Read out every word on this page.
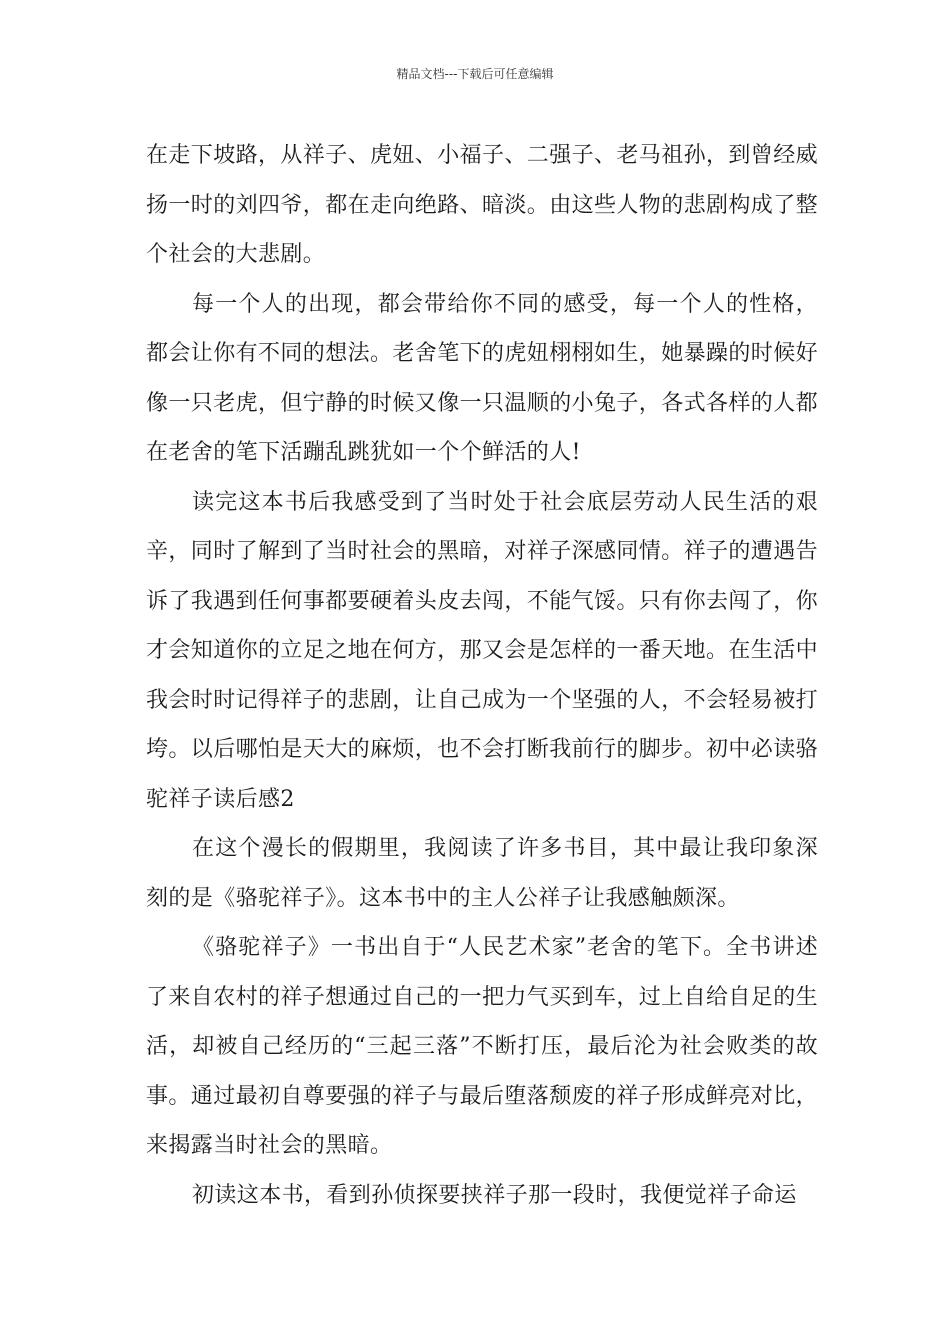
精品文档---下载后可任意编辑

在走下坡路，从祥子、虎妞、小福子、二强子、老马祖孙，到曾经威扬一时的刘四爷，都在走向绝路、暗淡。由这些人物的悲剧构成了整个社会的大悲剧。

每一个人的出现，都会带给你不同的感受，每一个人的性格，都会让你有不同的想法。老舍笔下的虎妞栩栩如生，她暴躁的时候好像一只老虎，但宁静的时候又像一只温顺的小兔子，各式各样的人都在老舍的笔下活蹦乱跳犹如一个个鲜活的人!

读完这本书后我感受到了当时处于社会底层劳动人民生活的艰辛，同时了解到了当时社会的黑暗，对祥子深感同情。祥子的遭遇告诉了我遇到任何事都要硬着头皮去闯，不能气馁。只有你去闯了，你才会知道你的立足之地在何方，那又会是怎样的一番天地。在生活中我会时时记得祥子的悲剧，让自己成为一个坚强的人，不会轻易被打垮。以后哪怕是天大的麻烦，也不会打断我前行的脚步。初中必读骆驼祥子读后感2

在这个漫长的假期里，我阅读了许多书目，其中最让我印象深刻的是《骆驼祥子》。这本书中的主人公祥子让我感触颇深。

《骆驼祥子》一书出自于“人民艺术家”老舍的笔下。全书讲述了来自农村的祥子想通过自己的一把力气买到车，过上自给自足的生活，却被自己经历的“三起三落”不断打压，最后沦为社会败类的故事。通过最初自尊要强的祥子与最后堕落颓废的祥子形成鲜亮对比，来揭露当时社会的黑暗。

初读这本书，看到孙侦探要挟祥子那一段时，我便觉祥子命运
